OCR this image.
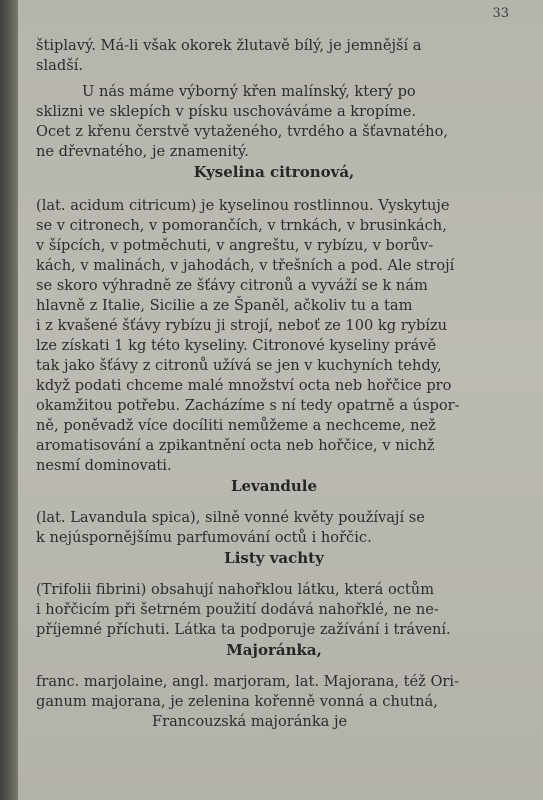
33
štiplavý. Má-li však okorek žlutavě bílý, je jemnější a
sladší.
U nás máme výborný křen malínský, který po
sklizni ve sklepích v písku uschováváme a kropíme.
Ocet z křenu čerstvě vytaženého, tvrdého a šťavnatého,
ne dřevnatého, je znamenitý.
Kyselina citronová,
(lat. acidum citricum) je kyselinou rostlinnou. Vyskytuje
se v citronech, v pomorančích, v trnkách, v brusinkách,
v šípcích, v potměchuti, v angreštu, v rybízu, v borův-
kách, v malinách, v jahodách, v třešních a pod. Ale strojí
se skoro výhradně ze šťávy citronů a vyváží se k nám
hlavně z Italie, Sicilie a ze Španěl, ačkoliv tu a tam
i z kvašené šťávy rybízu ji strojí, neboť ze 100 kg rybízu
lze získati 1 kg této kyseliny. Citronové kyseliny právě
tak jako šťávy z citronů užívá se jen v kuchyních tehdy,
když podati chceme malé množství octa neb hořčice pro
okamžitou potřebu. Zacházíme s ní tedy opatrně a úspor-
ně, poněvadž více docíliti nemůžeme a nechceme, než
aromatisování a zpikantnění octa neb hořčice, v nichž
nesmí dominovati.
Levandule
(lat. Lavandula spica), silně vonné květy používají se
k nejúspornějšímu parfumování octů i hořčic.
Listy vachty
(Trifolii fibrini) obsahují nahořklou látku, která octům
i hořčicím při šetrném použití dodává nahořklé, ne ne-
příjemné příchuti. Látka ta podporuje zažívání i trávení.
Majoránka,
franc. marjolaine, angl. marjoram, lat. Majorana, též Ori-
ganum majorana, je zelenina kořenně vonná a chutná,
Francouzská majoránka je
